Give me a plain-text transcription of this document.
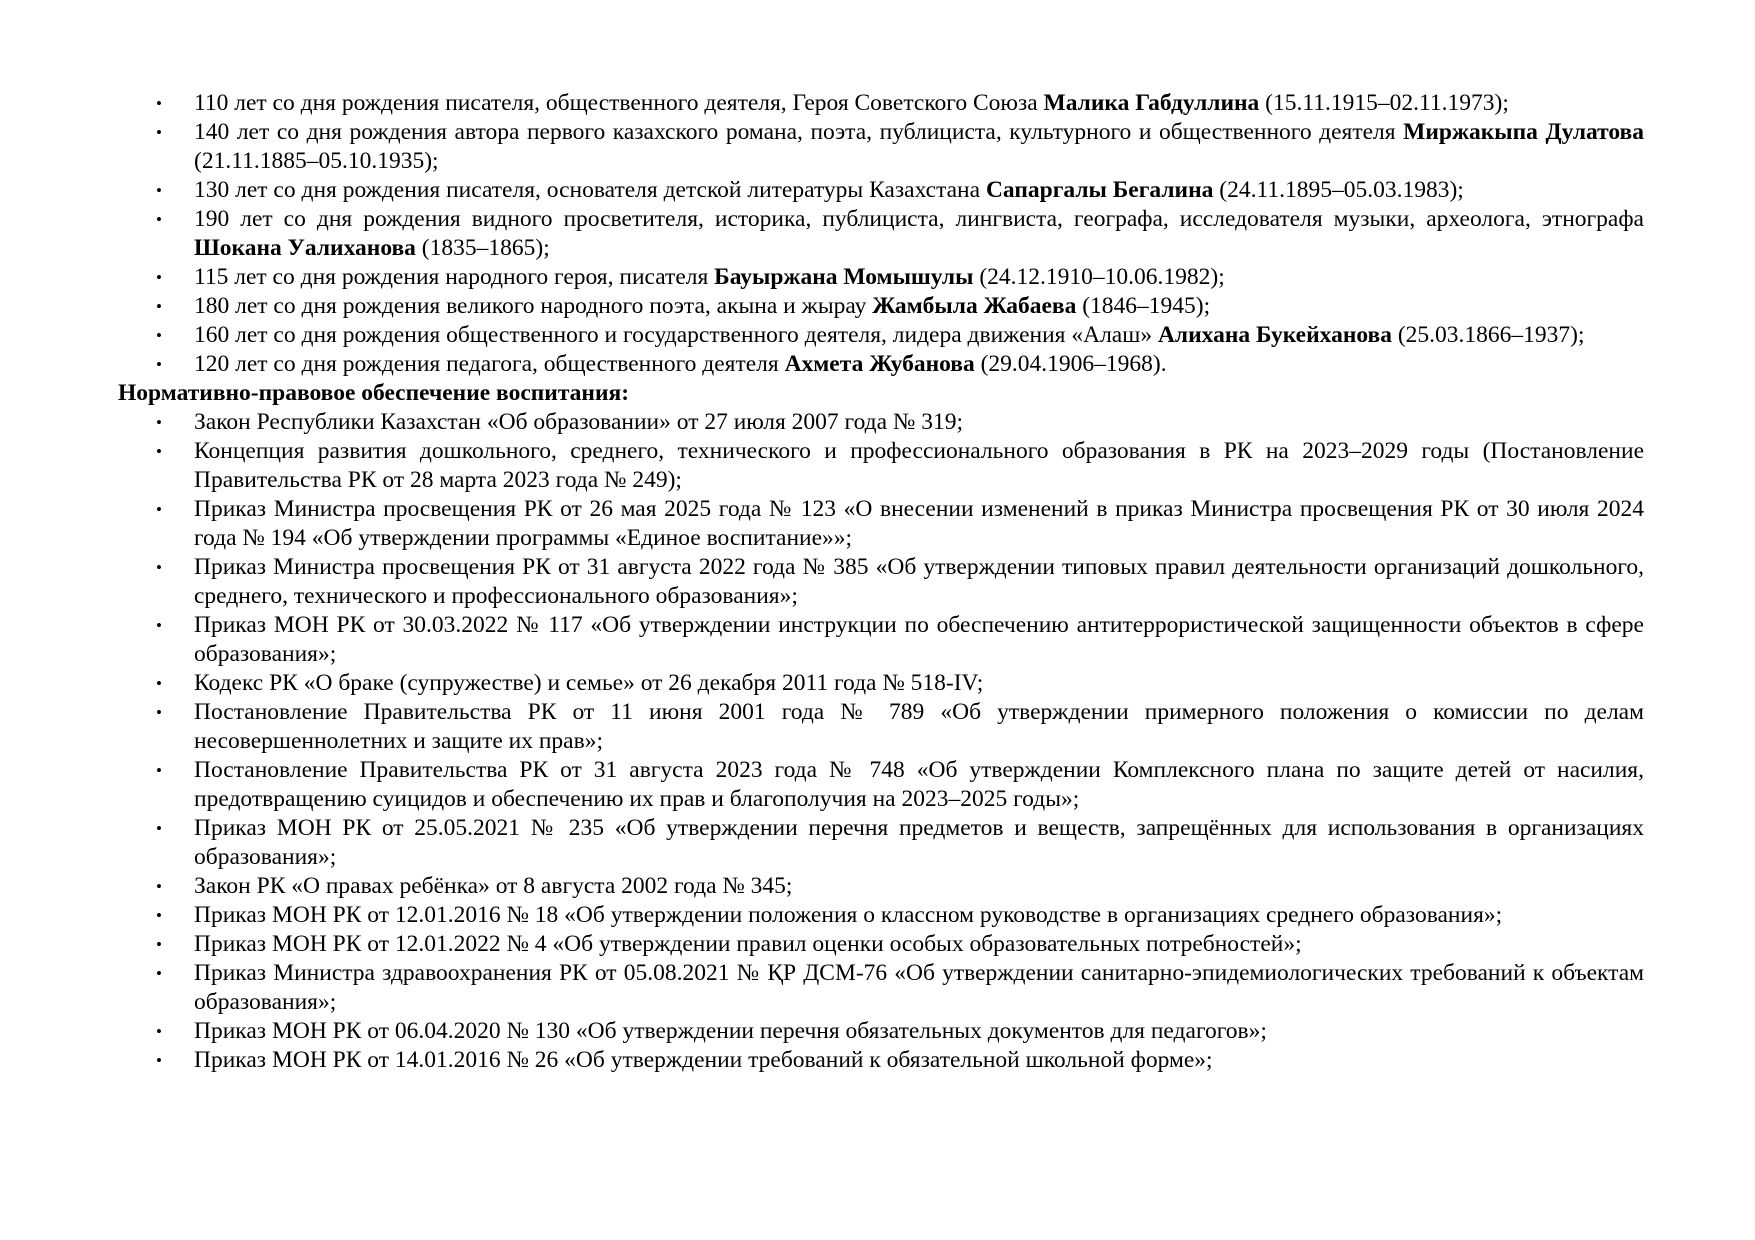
• 110 лет со дня рождения писателя, общественного деятеля, Героя Советского Союза Малика Габдуллина (15.11.1915–02.11.1973);
• 140 лет со дня рождения автора первого казахского романа, поэта, публициста, культурного и общественного деятеля Миржакыпа Дулатова (21.11.1885–05.10.1935);
• 130 лет со дня рождения писателя, основателя детской литературы Казахстана Сапаргалы Бегалина (24.11.1895–05.03.1983);
• 190 лет со дня рождения видного просветителя, историка, публициста, лингвиста, географа, исследователя музыки, археолога, этнографа Шокана Уалиханова (1835–1865);
• 115 лет со дня рождения народного героя, писателя Бауыржана Момышулы (24.12.1910–10.06.1982);
• 180 лет со дня рождения великого народного поэта, акына и жырау Жамбыла Жабаева (1846–1945);
• 160 лет со дня рождения общественного и государственного деятеля, лидера движения «Алаш» Алихана Букейханова (25.03.1866–1937);
• 120 лет со дня рождения педагога, общественного деятеля Ахмета Жубанова (29.04.1906–1968).

Нормативно-правовое обеспечение воспитания:

• Закон Республики Казахстан «Об образовании» от 27 июля 2007 года № 319;
• Концепция развития дошкольного, среднего, технического и профессионального образования в РК на 2023–2029 годы (Постановление Правительства РК от 28 марта 2023 года № 249);
• Приказ Министра просвещения РК от 26 мая 2025 года № 123 «О внесении изменений в приказ Министра просвещения РК от 30 июля 2024 года № 194 «Об утверждении программы «Единое воспитание»»;
• Приказ Министра просвещения РК от 31 августа 2022 года № 385 «Об утверждении типовых правил деятельности организаций дошкольного, среднего, технического и профессионального образования»;
• Приказ МОН РК от 30.03.2022 № 117 «Об утверждении инструкции по обеспечению антитеррористической защищенности объектов в сфере образования»;
• Кодекс РК «О браке (супружестве) и семье» от 26 декабря 2011 года № 518-IV;
• Постановление Правительства РК от 11 июня 2001 года № 789 «Об утверждении примерного положения о комиссии по делам несовершеннолетних и защите их прав»;
• Постановление Правительства РК от 31 августа 2023 года № 748 «Об утверждении Комплексного плана по защите детей от насилия, предотвращению суицидов и обеспечению их прав и благополучия на 2023–2025 годы»;
• Приказ МОН РК от 25.05.2021 № 235 «Об утверждении перечня предметов и веществ, запрещённых для использования в организациях образования»;
• Закон РК «О правах ребёнка» от 8 августа 2002 года № 345;
• Приказ МОН РК от 12.01.2016 № 18 «Об утверждении положения о классном руководстве в организациях среднего образования»;
• Приказ МОН РК от 12.01.2022 № 4 «Об утверждении правил оценки особых образовательных потребностей»;
• Приказ Министра здравоохранения РК от 05.08.2021 № ҚР ДСМ-76 «Об утверждении санитарно-эпидемиологических требований к объектам образования»;
• Приказ МОН РК от 06.04.2020 № 130 «Об утверждении перечня обязательных документов для педагогов»;
• Приказ МОН РК от 14.01.2016 № 26 «Об утверждении требований к обязательной школьной форме»;
